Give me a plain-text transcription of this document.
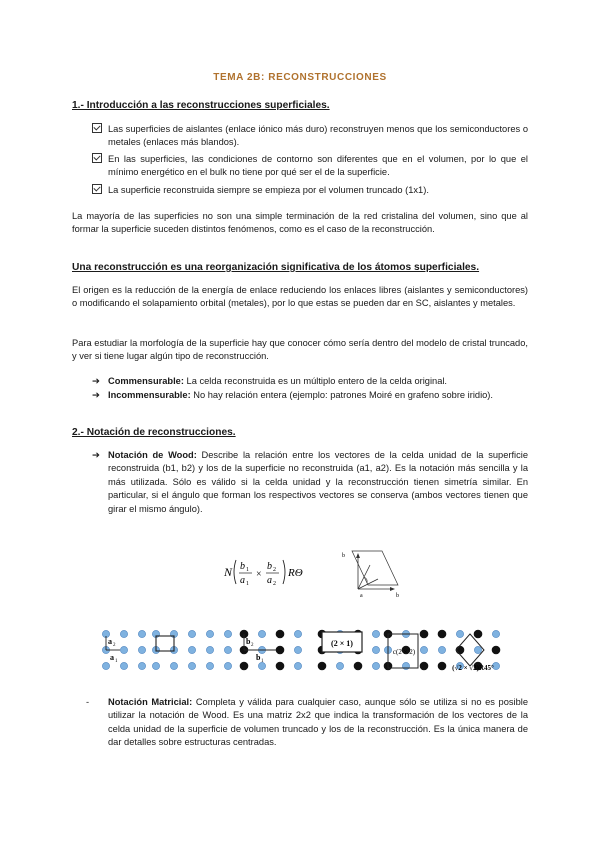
TEMA 2B: RECONSTRUCCIONES
1.- Introducción a las reconstrucciones superficiales.
Las superficies de aislantes (enlace iónico más duro) reconstruyen menos que los semiconductores o metales (enlaces más blandos).
En las superficies, las condiciones de contorno son diferentes que en el volumen, por lo que el mínimo energético en el bulk no tiene por qué ser el de la superficie.
La superficie reconstruida siempre se empieza por el volumen truncado (1x1).
La mayoría de las superficies no son una simple terminación de la red cristalina del volumen, sino que al formar la superficie suceden distintos fenómenos, como es el caso de la reconstrucción.
Una reconstrucción es una reorganización significativa de los átomos superficiales.
El origen es la reducción de la energía de enlace reduciendo los enlaces libres (aislantes y semiconductores) o modificando el solapamiento orbital (metales), por lo que estas se pueden dar en SC, aislantes y metales.
Para estudiar la morfología de la superficie hay que conocer cómo sería dentro del modelo de cristal truncado, y ver si tiene lugar algún tipo de reconstrucción.
➔ Commensurable: La celda reconstruida es un múltiplo entero de la celda original.
➔ Incommensurable: No hay relación entera (ejemplo: patrones Moiré en grafeno sobre iridio).
2.- Notación de reconstrucciones.
➔ Notación de Wood: Describe la relación entre los vectores de la celda unidad de la superficie reconstruida (b1, b2) y los de la superficie no reconstruida (a1, a2). Es la notación más sencilla y la más utilizada. Sólo es válido si la celda unidad y la reconstrucción tienen simetría similar. En particular, si el ángulo que forman los respectivos vectores se conserva (ambos vectores tienen que girar el mismo ángulo).
N b 1
a 1
×
b 2
a 2
RΘ
b
a	b
a 2
a 1
b 2
b 1
(2 × 1)
c(2 × 2)
(√2 × √2)R45°
- Notación Matricial: Completa y válida para cualquier caso, aunque sólo se utiliza si no es posible utilizar la notación de Wood. Es una matriz 2x2 que indica la transformación de los vectores de la celda unidad de la superficie de volumen truncado y los de la reconstrucción. Es la única manera de dar detalles sobre estructuras centradas.
